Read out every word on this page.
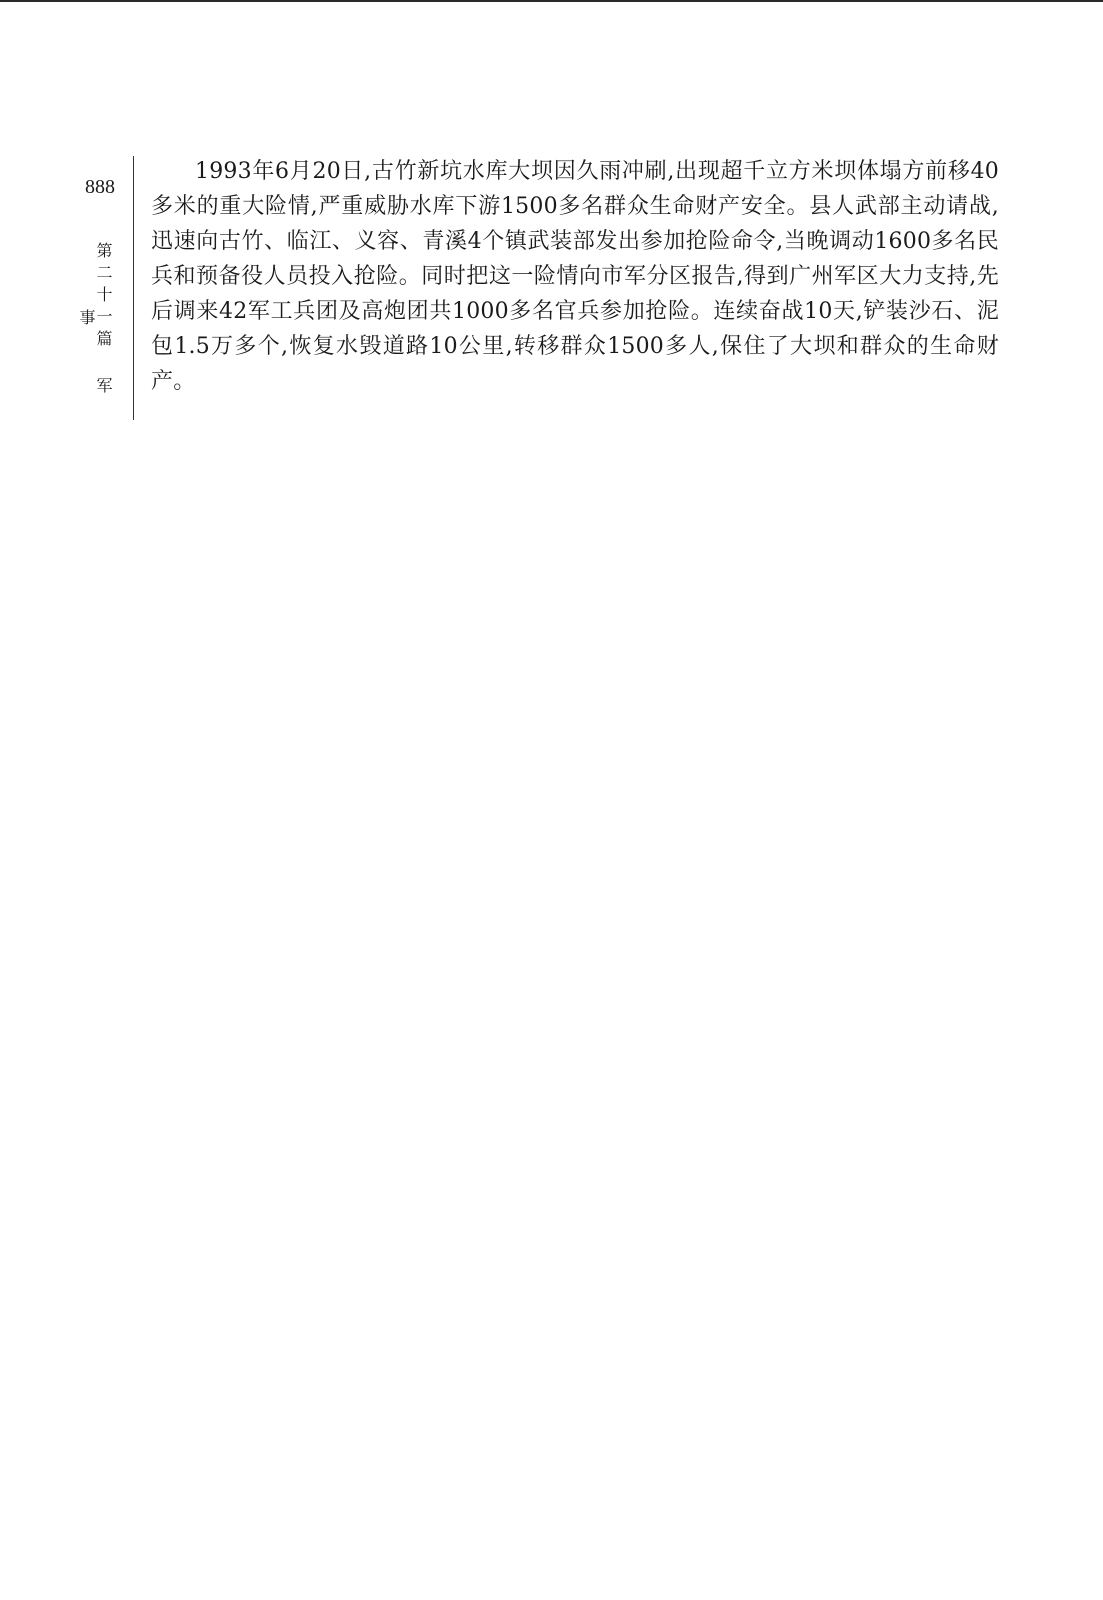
888
第二十一篇 军事

1993年6月20日,古竹新坑水库大坝因久雨冲刷,出现超千立方米坝体塌方前移40多米的重大险情,严重威胁水库下游1500多名群众生命财产安全。县人武部主动请战,迅速向古竹、临江、义容、青溪4个镇武装部发出参加抢险命令,当晚调动1600多名民兵和预备役人员投入抢险。同时把这一险情向市军分区报告,得到广州军区大力支持,先后调来42军工兵团及高炮团共1000多名官兵参加抢险。连续奋战10天,铲装沙石、泥包1.5万多个,恢复水毁道路10公里,转移群众1500多人,保住了大坝和群众的生命财产。
